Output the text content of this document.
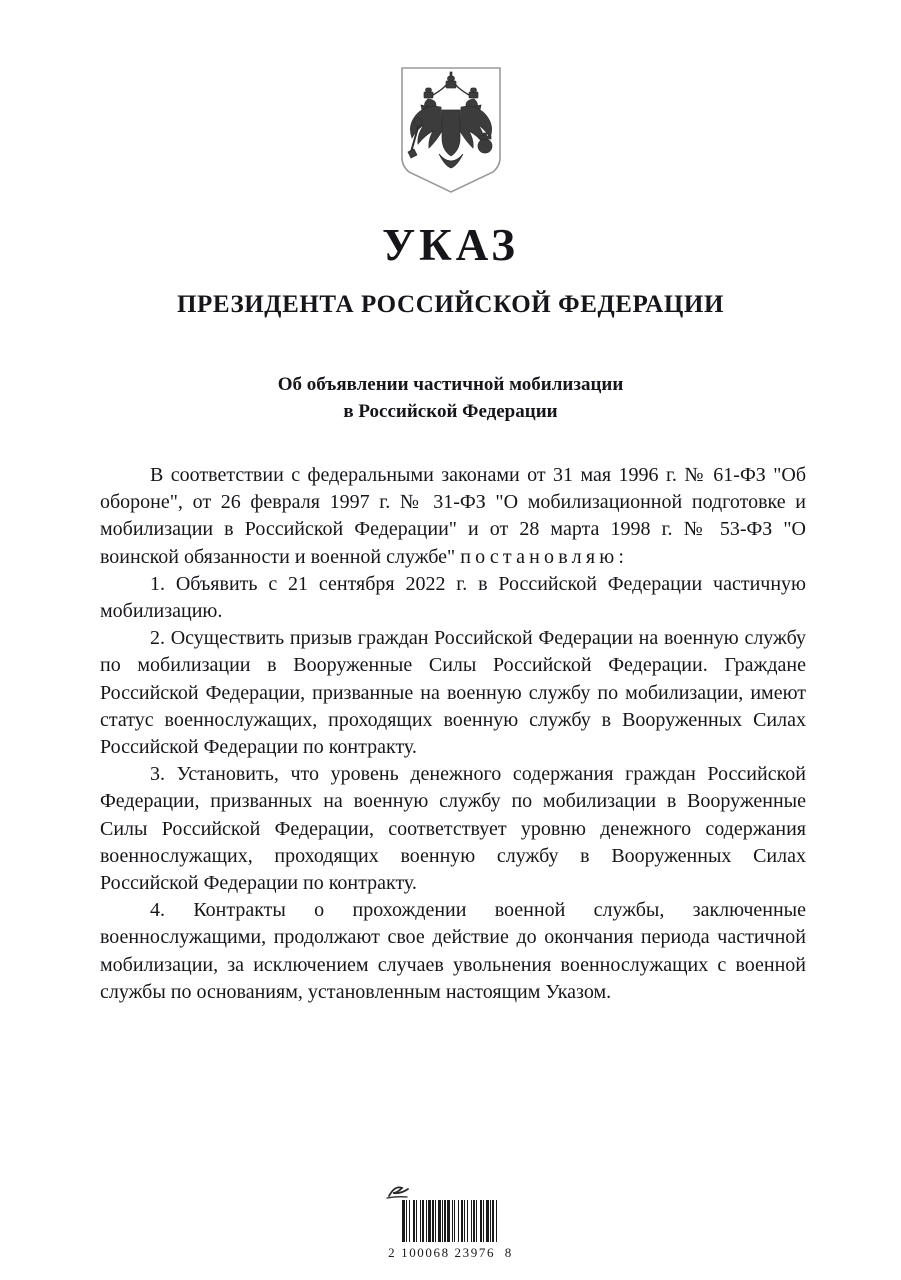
УКАЗ
ПРЕЗИДЕНТА РОССИЙСКОЙ ФЕДЕРАЦИИ
Об объявлении частичной мобилизации
в Российской Федерации

В соответствии с федеральными законами от 31 мая 1996 г. № 61-ФЗ "Об обороне", от 26 февраля 1997 г. № 31-ФЗ "О мобилизационной подготовке и мобилизации в Российской Федерации" и от 28 марта 1998 г. № 53-ФЗ "О воинской обязанности и военной службе" постановляю:

1. Объявить с 21 сентября 2022 г. в Российской Федерации частичную мобилизацию.

2. Осуществить призыв граждан Российской Федерации на военную службу по мобилизации в Вооруженные Силы Российской Федерации. Граждане Российской Федерации, призванные на военную службу по мобилизации, имеют статус военнослужащих, проходящих военную службу в Вооруженных Силах Российской Федерации по контракту.

3. Установить, что уровень денежного содержания граждан Российской Федерации, призванных на военную службу по мобилизации в Вооруженные Силы Российской Федерации, соответствует уровню денежного содержания военнослужащих, проходящих военную службу в Вооруженных Силах Российской Федерации по контракту.

4. Контракты о прохождении военной службы, заключенные военнослужащими, продолжают свое действие до окончания периода частичной мобилизации, за исключением случаев увольнения военнослужащих с военной службы по основаниям, установленным настоящим Указом.

2 100068 23976  8
